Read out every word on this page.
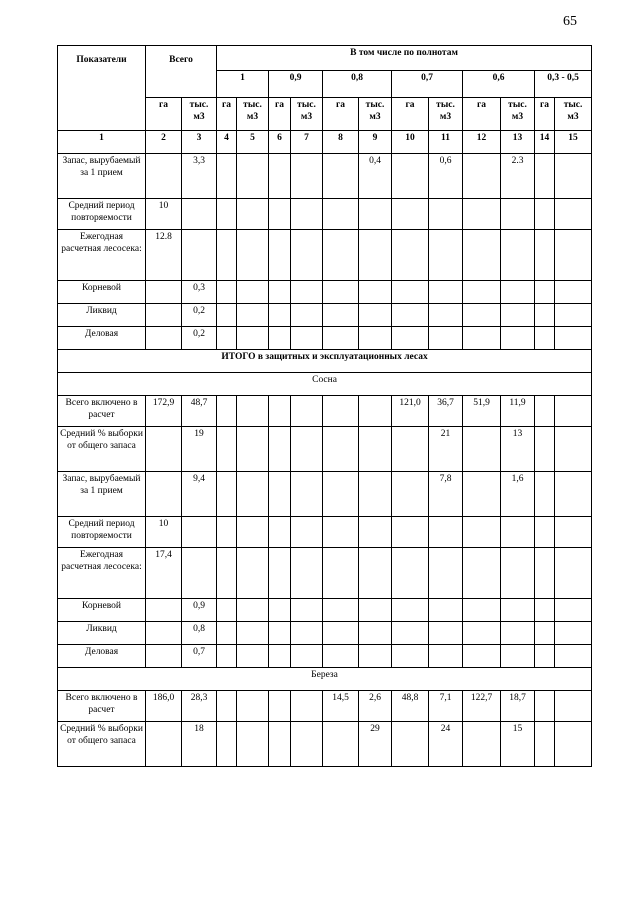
65
Показатели	Всего		В том числе по полнотам											
			1		0,9		0,8		0,7		0,6		0,3 - 0,5	
	га	тыс. м3	га	тыс. м3	га	тыс. м3	га	тыс. м3	га	тыс. м3	га	тыс. м3	га	тыс. м3
1	2	3	4	5	6	7	8	9	10	11	12	13	14	15
Запас, вырубаемый за 1 прием		3,3						0,4		0,6		2.3		
Средний период повторяемости	10													
Ежегодная расчетная лесосека:	12.8													
Корневой		0,3												
Ликвид		0,2												
Деловая		0,2												
ИТОГО в защитных и эксплуатационных лесах														
Сосна														
Всего включено в расчет	172,9	48,7							121,0	36,7	51,9	11,9		
Средний % выборки от общего запаса		19								21		13		
Запас, вырубаемый за 1 прием		9,4								7,8		1,6		
Средний период повторяемости	10													
Ежегодная расчетная лесосека:	17,4													
Корневой		0,9												
Ликвид		0,8												
Деловая		0,7												
Береза														
Всего включено в расчет	186,0	28,3					14,5	2,6	48,8	7,1	122,7	18,7		
Средний % выборки от общего запаса		18						29		24		15		
